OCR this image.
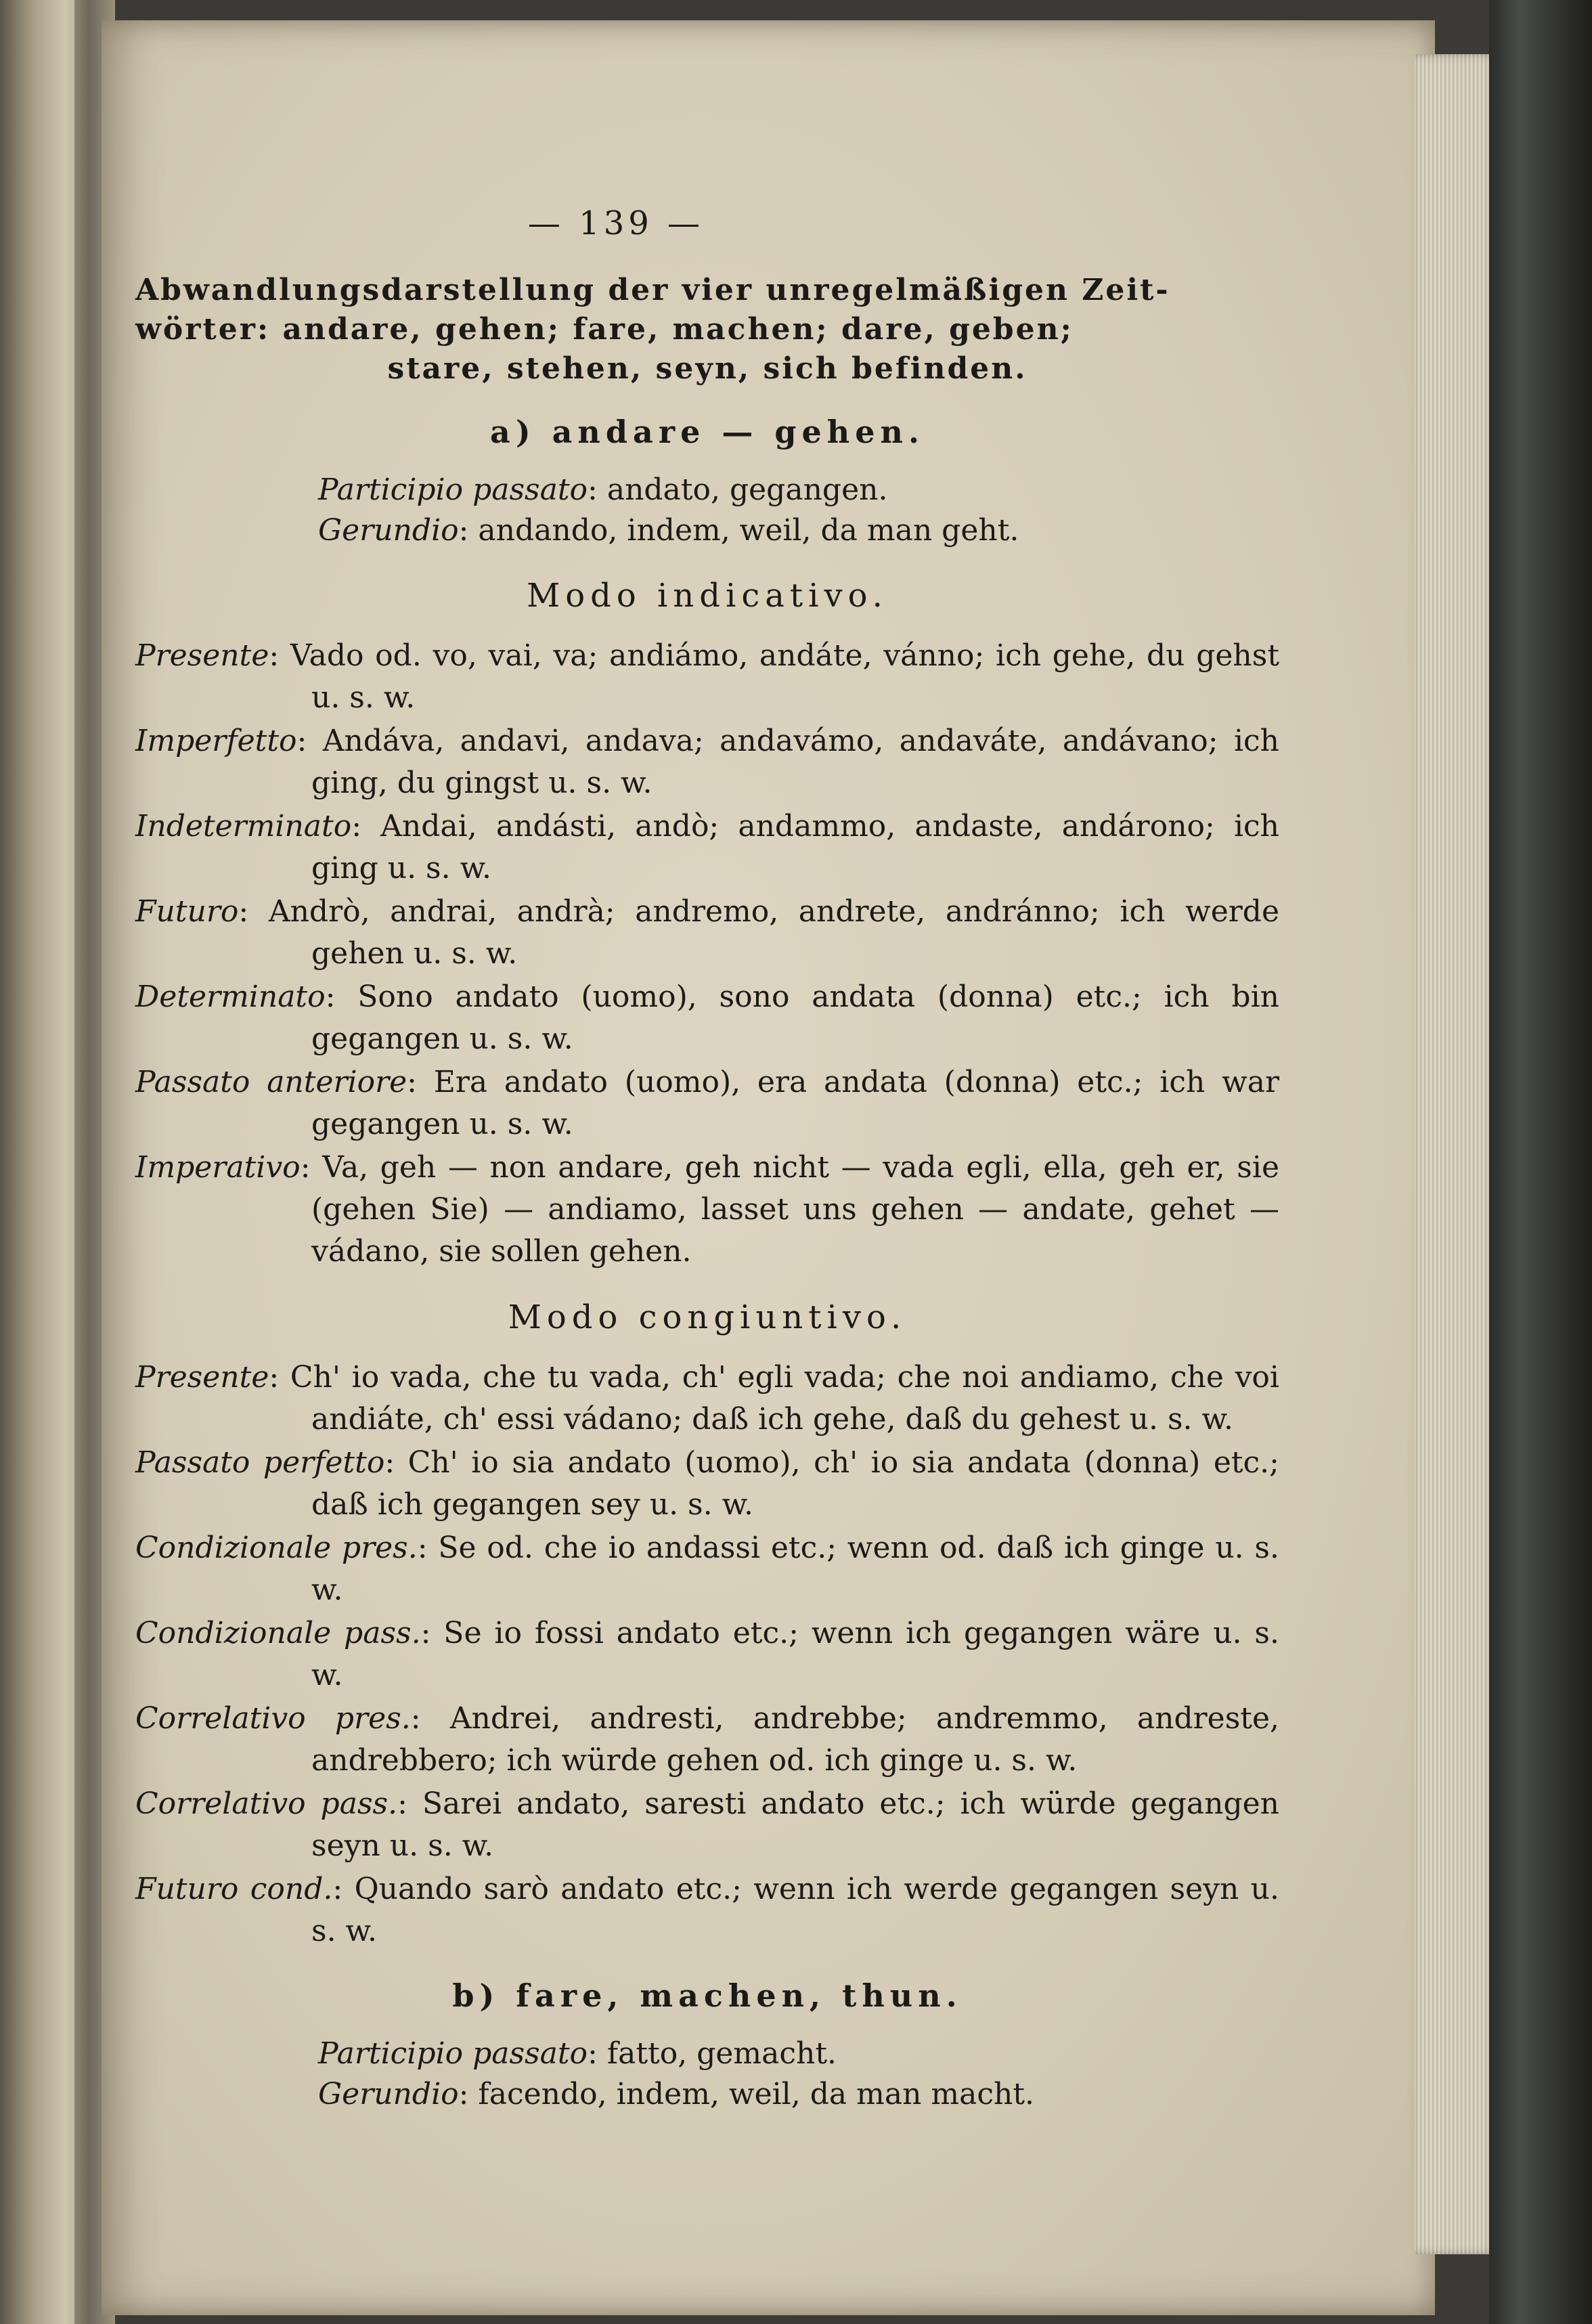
— 139 —
Abwandlungsdarstellung der vier unregelmäßigen Zeit-
wörter: andare, gehen; fare, machen; dare, geben;
stare, stehen, seyn, sich befinden.
a) andare — gehen.
Participio passato: andato, gegangen.
Gerundio: andando, indem, weil, da man geht.
Modo indicativo.
Presente: Vado od. vo, vai, va; andiámo, andáte, vánno; ich gehe, du gehst u. s. w.
Imperfetto: Andáva, andavi, andava; andavámo, andaváte, andávano; ich ging, du gingst u. s. w.
Indeterminato: Andai, andásti, andò; andammo, andaste, andárono; ich ging u. s. w.
Futuro: Andrò, andrai, andrà; andremo, andrete, andránno; ich werde gehen u. s. w.
Determinato: Sono andato (uomo), sono andata (donna) etc.; ich bin gegangen u. s. w.
Passato anteriore: Era andato (uomo), era andata (donna) etc.; ich war gegangen u. s. w.
Imperativo: Va, geh — non andare, geh nicht — vada egli, ella, geh er, sie (gehen Sie) — andiamo, lasset uns gehen — andate, gehet — vádano, sie sollen gehen.
Modo congiuntivo.
Presente: Ch' io vada, che tu vada, ch' egli vada; che noi andiamo, che voi andiáte, ch' essi vádano; daß ich gehe, daß du gehest u. s. w.
Passato perfetto: Ch' io sia andato (uomo), ch' io sia andata (donna) etc.; daß ich gegangen sey u. s. w.
Condizionale pres.: Se od. che io andassi etc.; wenn od. daß ich ginge u. s. w.
Condizionale pass.: Se io fossi andato etc.; wenn ich gegangen wäre u. s. w.
Correlativo pres.: Andrei, andresti, andrebbe; andremmo, andreste, andrebbero; ich würde gehen od. ich ginge u. s. w.
Correlativo pass.: Sarei andato, saresti andato etc.; ich würde gegangen seyn u. s. w.
Futuro cond.: Quando sarò andato etc.; wenn ich werde gegangen seyn u. s. w.
b) fare, machen, thun.
Participio passato: fatto, gemacht.
Gerundio: facendo, indem, weil, da man macht.
